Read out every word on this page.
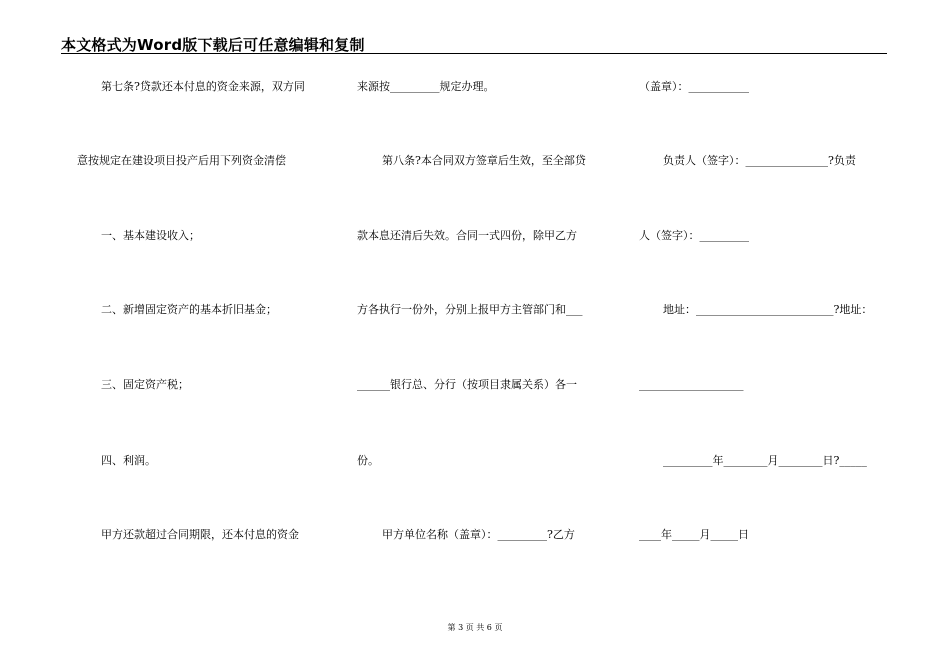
本文格式为Word版下载后可任意编辑和复制
第七条?贷款还本付息的资金来源，双方同
意按规定在建设项目投产后用下列资金清偿
一、基本建设收入；
二、新增固定资产的基本折旧基金；
三、固定资产税；
四、利润。
甲方还款超过合同期限，还本付息的资金
来源按_________规定办理。
第八条?本合同双方签章后生效，至全部贷
款本息还清后失效。合同一式四份，除甲乙方
方各执行一份外，分别上报甲方主管部门和___
______银行总、分行（按项目隶属关系）各一
份。
甲方单位名称（盖章）：_________?乙方
（盖章）：___________
负责人（签字）：_______________?负责
人（签字）：_________
地址：_________________________?地址：
___________________
_________年________月________日?_____
____年_____月_____日
第 3 页 共 6 页
